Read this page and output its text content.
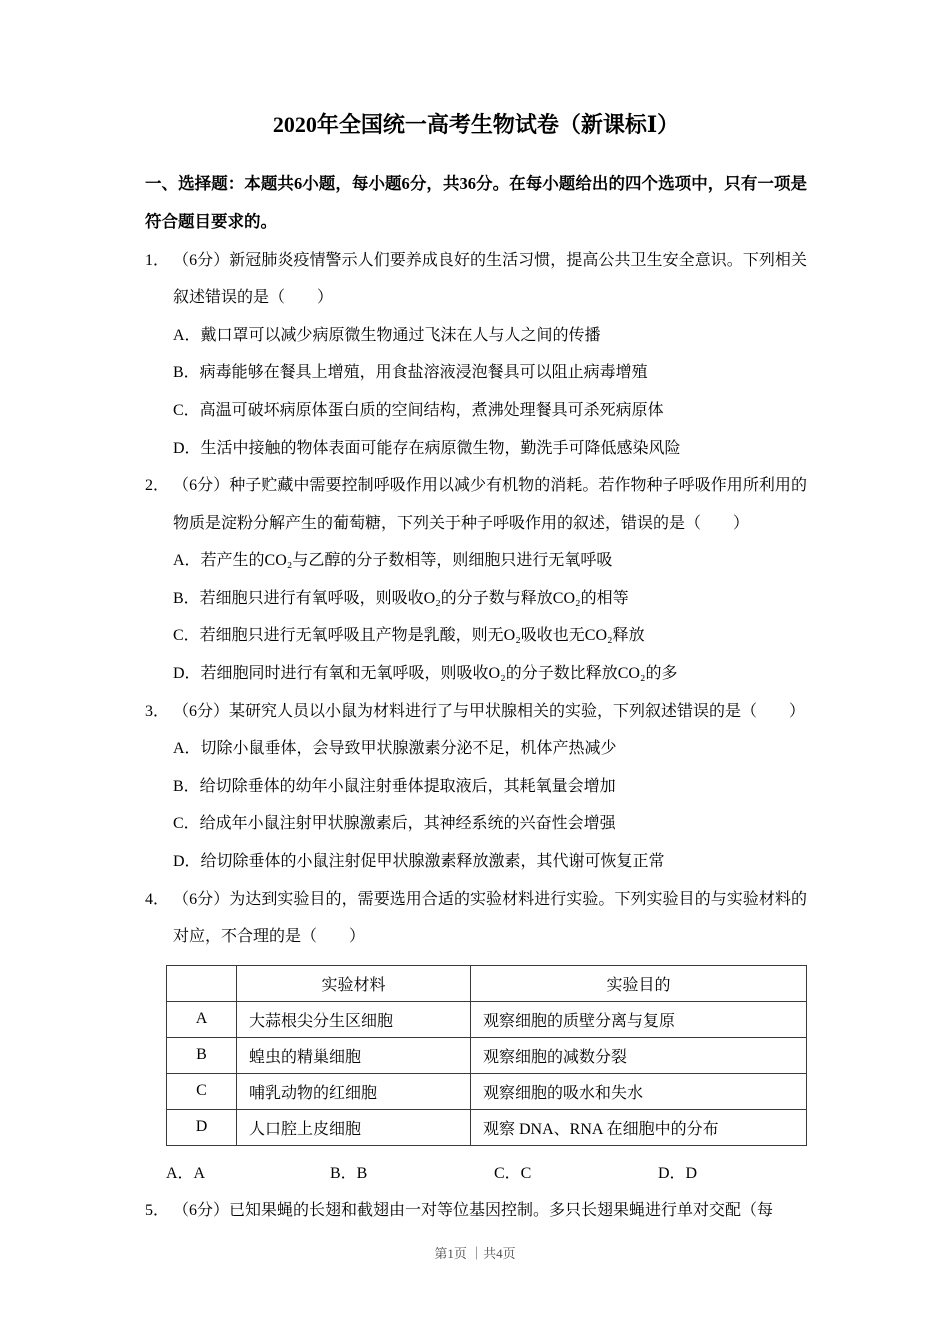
2020年全国统一高考生物试卷（新课标Ⅰ）

一、选择题：本题共6小题，每小题6分，共36分。在每小题给出的四个选项中，只有一项是符合题目要求的。

1． （6分）新冠肺炎疫情警示人们要养成良好的生活习惯，提高公共卫生安全意识。下列相关叙述错误的是（　　）

A．戴口罩可以减少病原微生物通过飞沫在人与人之间的传播

B．病毒能够在餐具上增殖，用食盐溶液浸泡餐具可以阻止病毒增殖

C．高温可破坏病原体蛋白质的空间结构，煮沸处理餐具可杀死病原体

D．生活中接触的物体表面可能存在病原微生物，勤洗手可降低感染风险

2． （6分）种子贮藏中需要控制呼吸作用以减少有机物的消耗。若作物种子呼吸作用所利用的物质是淀粉分解产生的葡萄糖，下列关于种子呼吸作用的叙述，错误的是（　　）

A．若产生的CO₂与乙醇的分子数相等，则细胞只进行无氧呼吸

B．若细胞只进行有氧呼吸，则吸收O₂的分子数与释放CO₂的相等

C．若细胞只进行无氧呼吸且产物是乳酸，则无O₂吸收也无CO₂释放

D．若细胞同时进行有氧和无氧呼吸，则吸收O₂的分子数比释放CO₂的多

3． （6分）某研究人员以小鼠为材料进行了与甲状腺相关的实验，下列叙述错误的是（　　）

A．切除小鼠垂体，会导致甲状腺激素分泌不足，机体产热减少

B．给切除垂体的幼年小鼠注射垂体提取液后，其耗氧量会增加

C．给成年小鼠注射甲状腺激素后，其神经系统的兴奋性会增强

D．给切除垂体的小鼠注射促甲状腺激素释放激素，其代谢可恢复正常

4． （6分）为达到实验目的，需要选用合适的实验材料进行实验。下列实验目的与实验材料的对应，不合理的是（　　）

	实验材料	实验目的
A	大蒜根尖分生区细胞	观察细胞的质壁分离与复原
B	蝗虫的精巢细胞	观察细胞的减数分裂
C	哺乳动物的红细胞	观察细胞的吸水和失水
D	人口腔上皮细胞	观察 DNA、RNA 在细胞中的分布
A．A	B．B	C．C	D．D

5． （6分）已知果蝇的长翅和截翅由一对等位基因控制。多只长翅果蝇进行单对交配（每

第1页 ｜共4页
